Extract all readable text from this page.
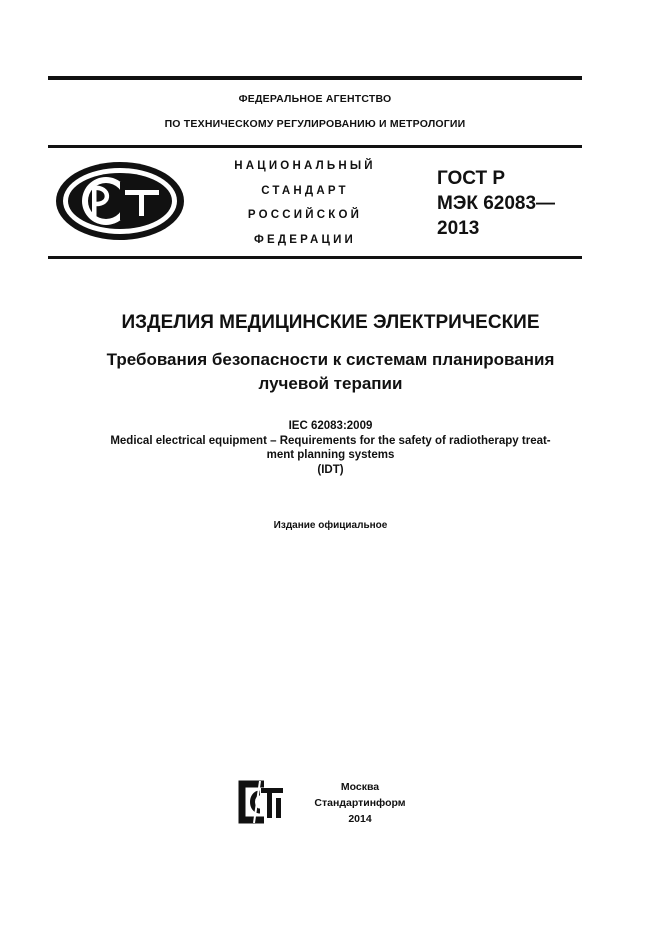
ФЕДЕРАЛЬНОЕ АГЕНТСТВО
ПО ТЕХНИЧЕСКОМУ РЕГУЛИРОВАНИЮ И МЕТРОЛОГИИ
НАЦИОНАЛЬНЫЙ
СТАНДАРТ
РОССИЙСКОЙ
ФЕДЕРАЦИИ
ГОСТ Р
МЭК 62083—
2013
ИЗДЕЛИЯ МЕДИЦИНСКИЕ ЭЛЕКТРИЧЕСКИЕ
Требования безопасности к системам планирования
лучевой терапии
IEC 62083:2009
Medical electrical equipment – Requirements for the safety of radiotherapy treat-
ment planning systems
(IDT)
Издание официальное
Москва
Стандартинформ
2014
